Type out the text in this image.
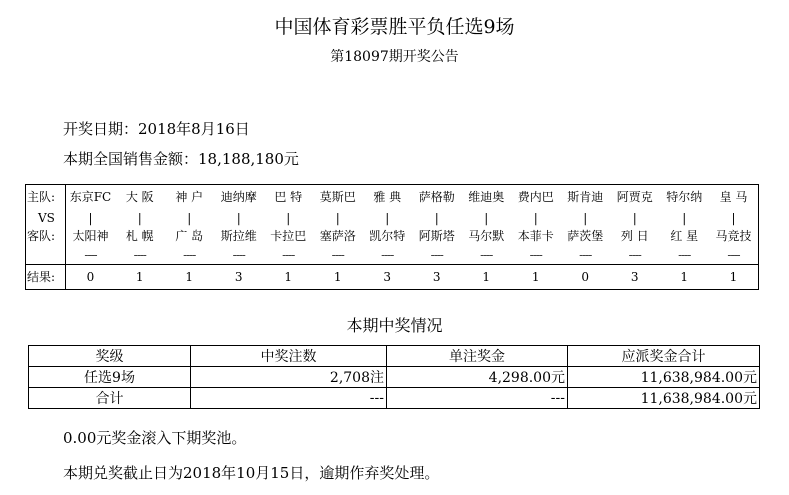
中国体育彩票胜平负任选9场
第18097期开奖公告
开奖日期：2018年8月16日
本期全国销售金额：18,188,180元
主队:	东京FC	大 阪	神 户	迪纳摩	巴 特	莫斯巴	雅 典	萨格勒	维迪奥	费内巴	斯肯迪	阿贾克	特尔纳	皇 马
VS	|	|	|	|	|	|	|	|	|	|	|	|	|	|
客队:	太阳神	札 幌	广 岛	斯拉维	卡拉巴	塞萨洛	凯尔特	阿斯塔	马尔默	本菲卡	萨茨堡	列 日	红 星	马竞技
	----	----	----	----	----	----	----	----	----	----	----	----	----	----
结果:	0	1	1	3	1	1	3	3	1	1	0	3	1	1
本期中奖情况
奖级	中奖注数	单注奖金	应派奖金合计
任选9场	2,708注	4,298.00元	11,638,984.00元
合计	---	---	11,638,984.00元
0.00元奖金滚入下期奖池。
本期兑奖截止日为2018年10月15日，逾期作弃奖处理。
